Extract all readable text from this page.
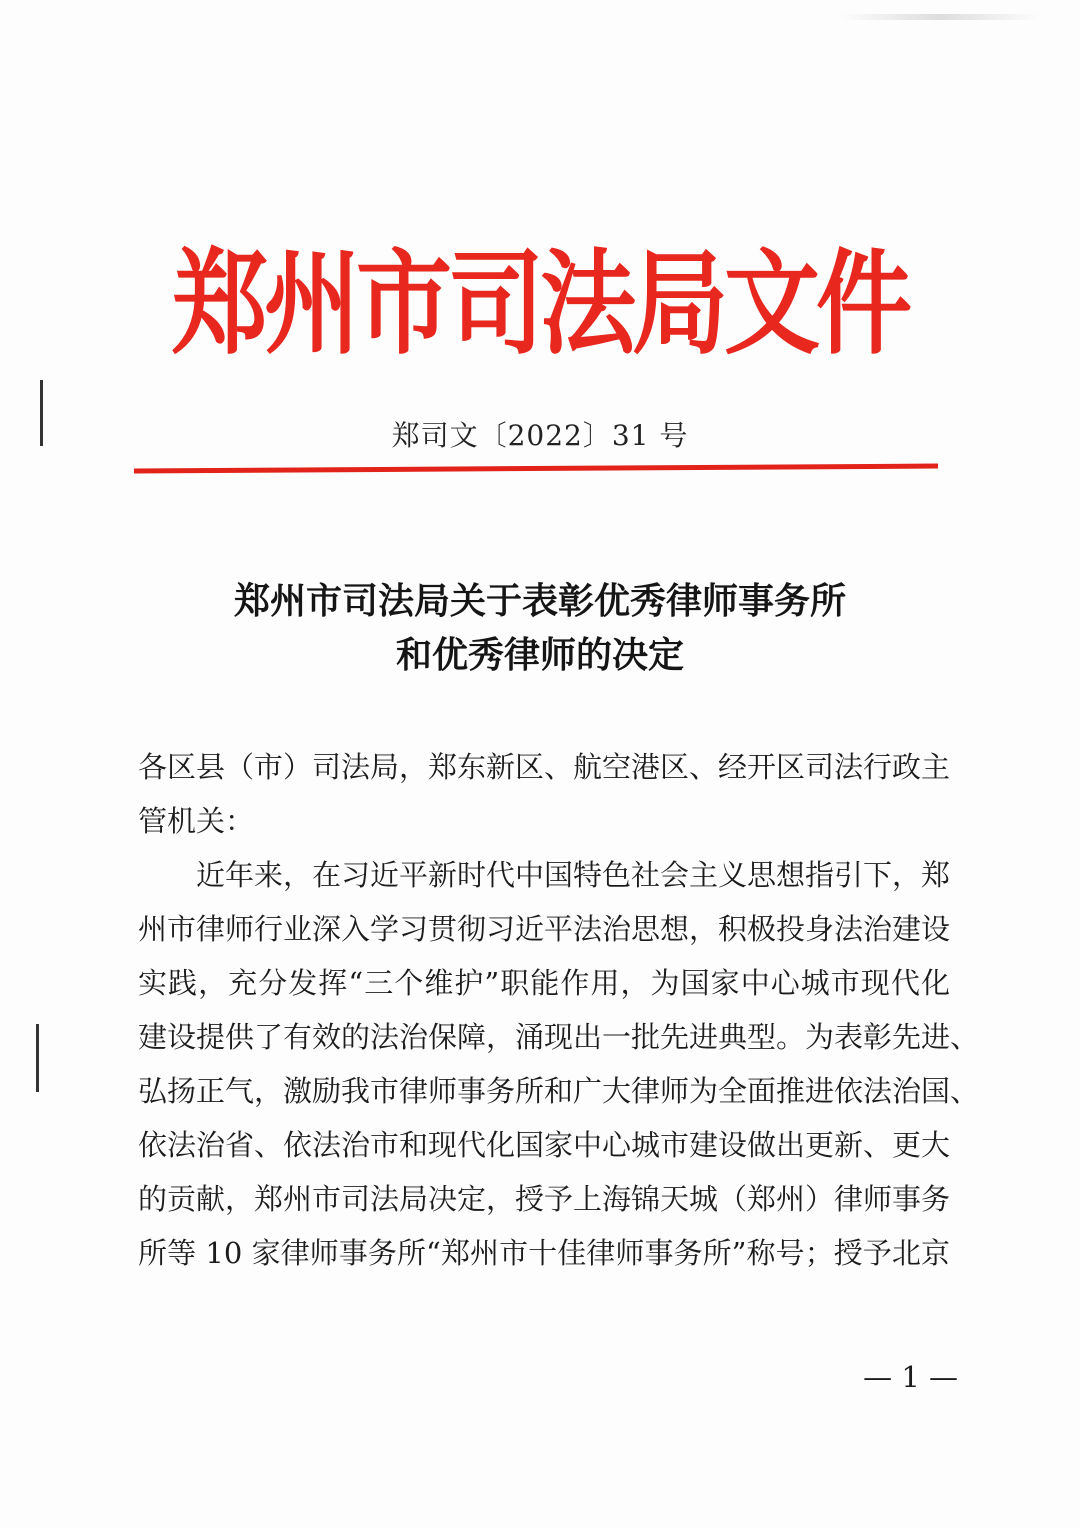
郑州市司法局文件
郑司文〔2022〕31 号
郑州市司法局关于表彰优秀律师事务所
和优秀律师的决定
各区县（市）司法局，郑东新区、航空港区、经开区司法行政主
管机关：
　　近年来，在习近平新时代中国特色社会主义思想指引下，郑
州市律师行业深入学习贯彻习近平法治思想，积极投身法治建设
实践，充分发挥“三个维护”职能作用，为国家中心城市现代化
建设提供了有效的法治保障，涌现出一批先进典型。为表彰先进、
弘扬正气，激励我市律师事务所和广大律师为全面推进依法治国、
依法治省、依法治市和现代化国家中心城市建设做出更新、更大
的贡献，郑州市司法局决定，授予上海锦天城（郑州）律师事务
所等 10 家律师事务所“郑州市十佳律师事务所”称号；授予北京
— 1 —
